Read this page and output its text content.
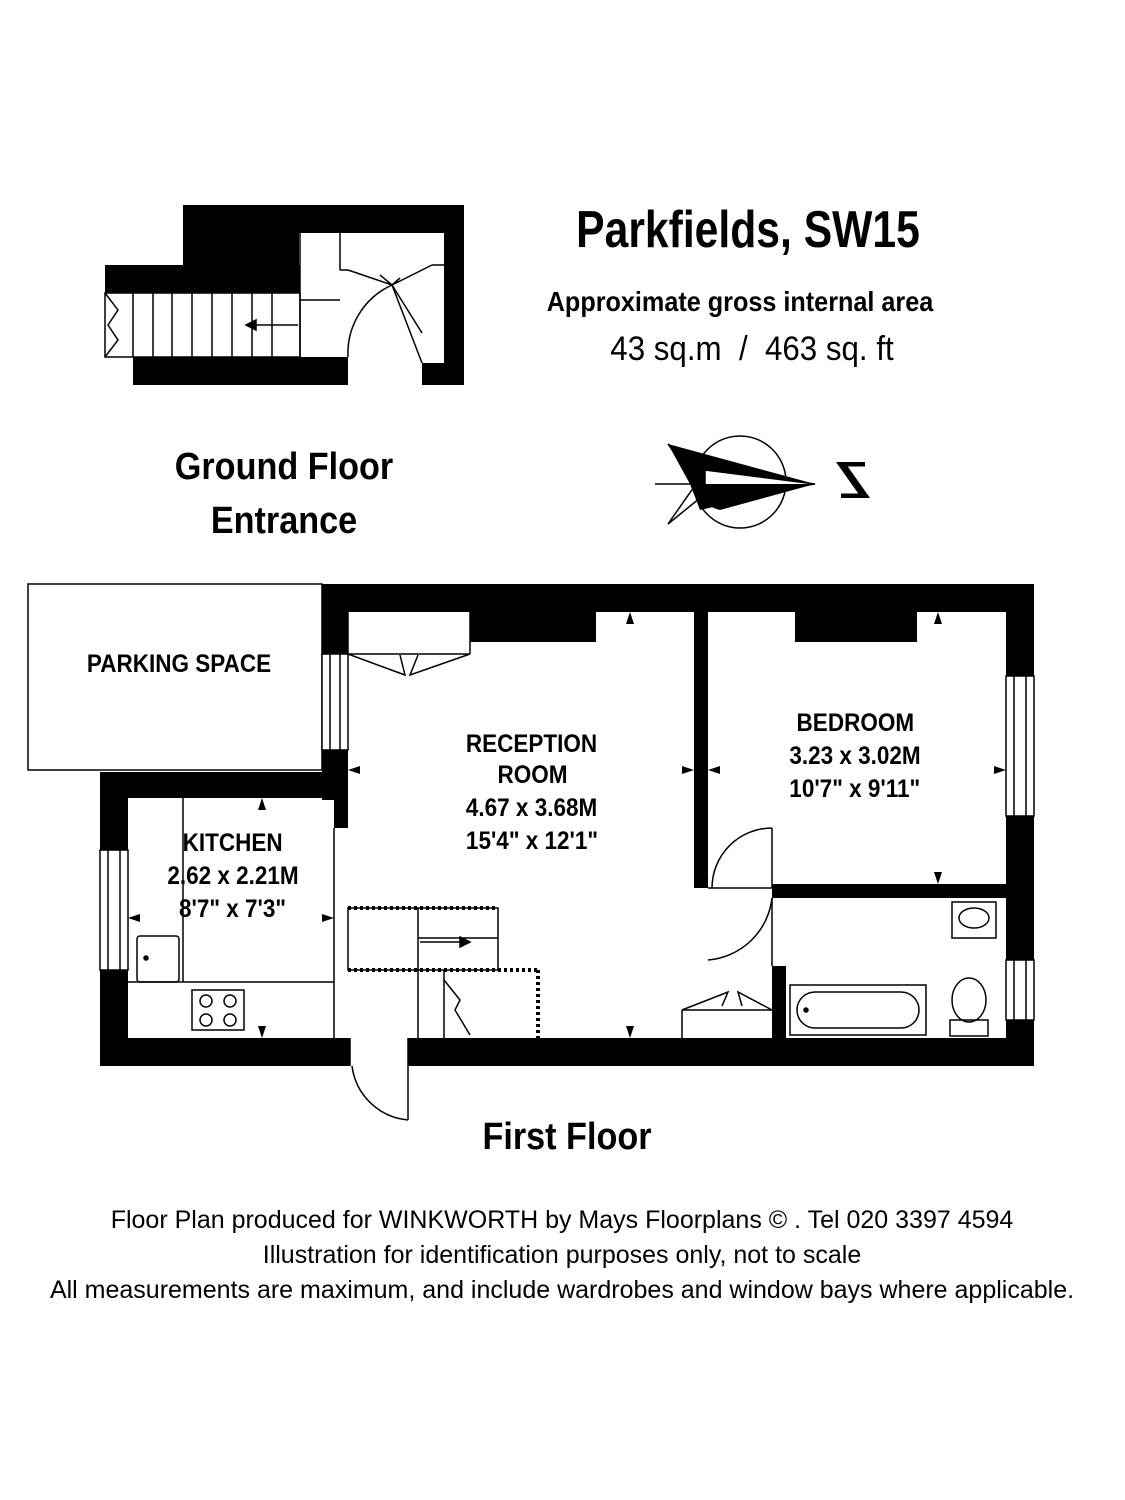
Parkfields, SW15
Approximate gross internal area
43 sq.m  /  463 sq. ft
Ground Floor
Entrance
PARKING SPACE
RECEPTION
ROOM
4.67 x 3.68M
15'4" x 12'1"
BEDROOM
3.23 x 3.02M
10'7" x 9'11"
KITCHEN
2.62 x 2.21M
8'7" x 7'3"
First Floor
Floor Plan produced for WINKWORTH by Mays Floorplans © . Tel 020 3397 4594
Illustration for identification purposes only, not to scale
All measurements are maximum, and include wardrobes and window bays where applicable.
